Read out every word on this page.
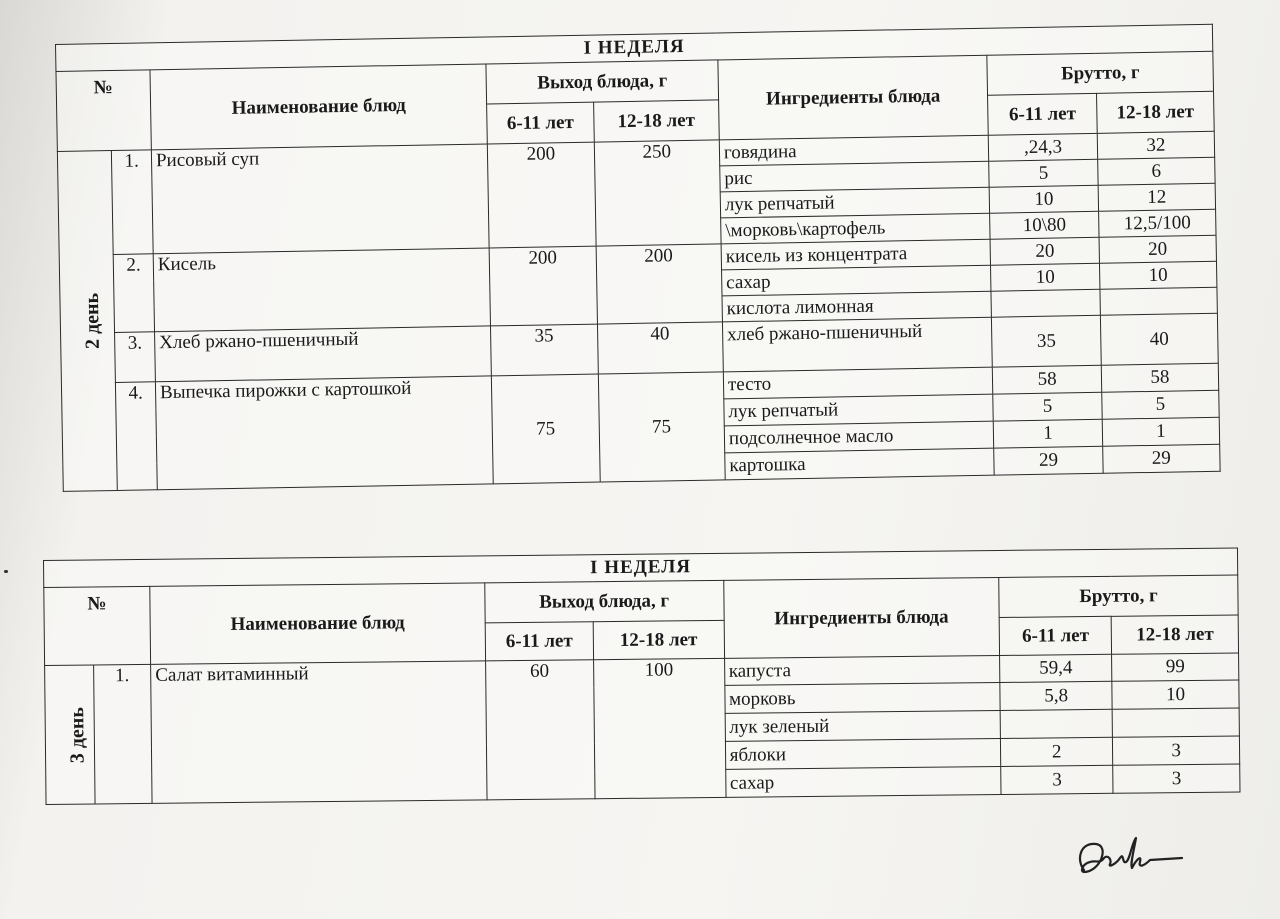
I НЕДЕЛЯ							
№		Наименование блюд	Выход блюда, г		Ингредиенты блюда	Брутто, г	
			6-11 лет	12-18 лет		6-11 лет	12-18 лет
2 день	1.	Рисовый суп	200	250	говядина	,24,3	32
					рис	5	6
					лук репчатый	10	12
					\морковь\картофель	10\80	12,5/100
	2.	Кисель	200	200	кисель из концентрата	20	20
					сахар	10	10
					кислота лимонная		
	3.	Хлеб ржано-пшеничный	35	40	хлеб ржано-пшеничный	35	40
	4.	Выпечка пирожки с картошкой	75	75	тесто	58	58
					лук репчатый	5	5
					подсолнечное масло	1	1
					картошка	29	29
I НЕДЕЛЯ							
№		Наименование блюд	Выход блюда, г		Ингредиенты блюда	Брутто, г	
			6-11 лет	12-18 лет		6-11 лет	12-18 лет
3 день	1.	Салат витаминный	60	100	капуста	59,4	99
					морковь	5,8	10
					лук зеленый		
					яблоки	2	3
					сахар	3	3
